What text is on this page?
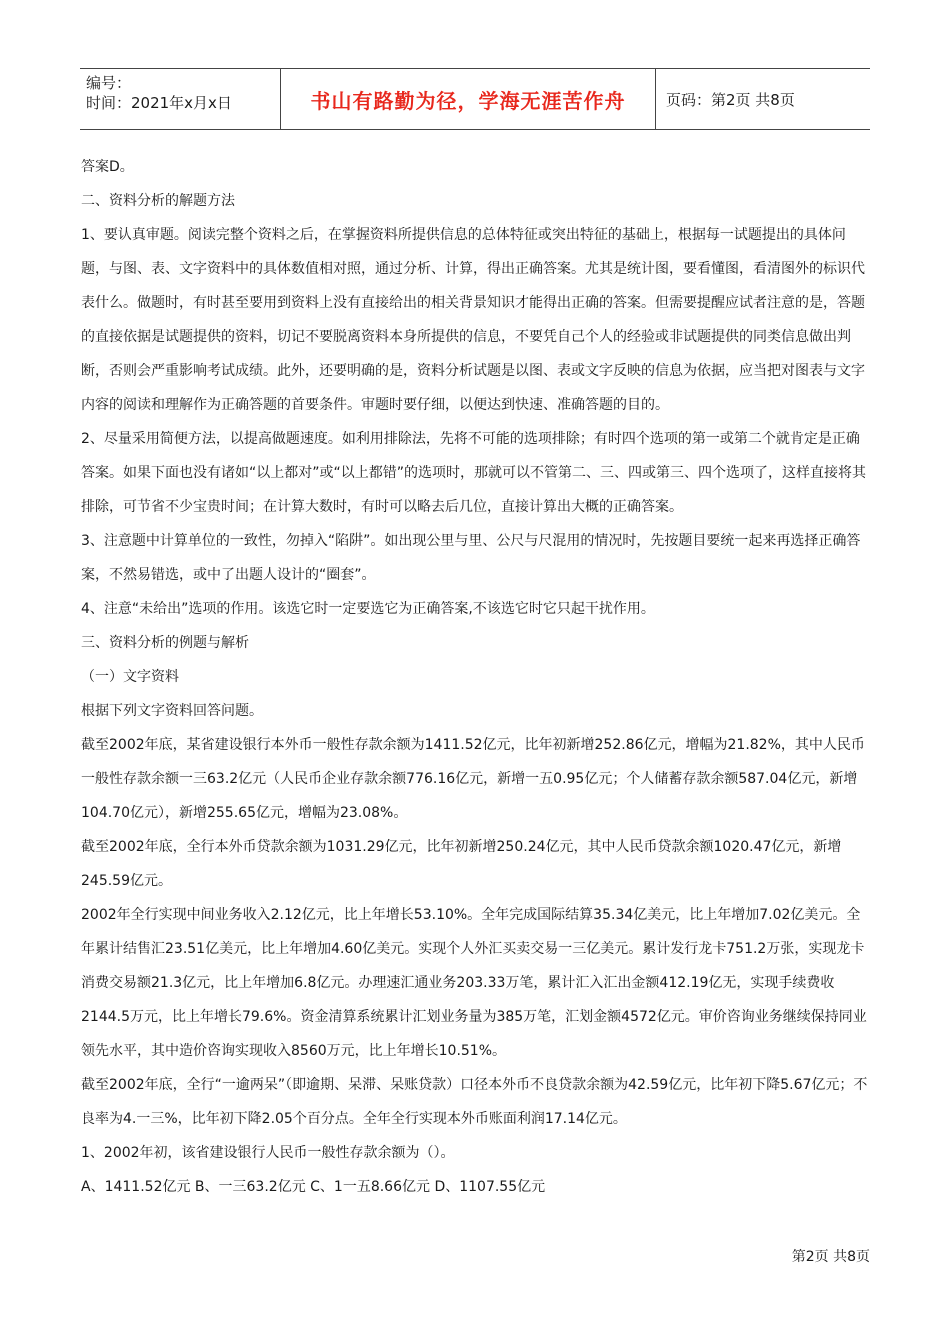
编号：
时间：2021年x月x日	书山有路勤为径，学海无涯苦作舟	页码：第2页 共8页

答案D。

二、资料分析的解题方法

1、要认真审题。阅读完整个资料之后，在掌握资料所提供信息的总体特征或突出特征的基础上，根据每一试题提出的具体问题，与图、表、文字资料中的具体数值相对照，通过分析、计算，得出正确答案。尤其是统计图，要看懂图，看清图外的标识代表什么。做题时，有时甚至要用到资料上没有直接给出的相关背景知识才能得出正确的答案。但需要提醒应试者注意的是，答题的直接依据是试题提供的资料，切记不要脱离资料本身所提供的信息，不要凭自己个人的经验或非试题提供的同类信息做出判断，否则会严重影响考试成绩。此外，还要明确的是，资料分析试题是以图、表或文字反映的信息为依据，应当把对图表与文字内容的阅读和理解作为正确答题的首要条件。审题时要仔细，以便达到快速、准确答题的目的。

2、尽量采用简便方法，以提高做题速度。如利用排除法，先将不可能的选项排除；有时四个选项的第一或第二个就肯定是正确答案。如果下面也没有诸如“以上都对”或“以上都错”的选项时，那就可以不管第二、三、四或第三、四个选项了，这样直接将其排除，可节省不少宝贵时间；在计算大数时，有时可以略去后几位，直接计算出大概的正确答案。

3、注意题中计算单位的一致性，勿掉入“陷阱”。如出现公里与里、公尺与尺混用的情况时，先按题目要统一起来再选择正确答案，不然易错选，或中了出题人设计的“圈套”。

4、注意“未给出”选项的作用。该选它时一定要选它为正确答案,不该选它时它只起干扰作用。

三、资料分析的例题与解析

（一）文字资料

根据下列文字资料回答问题。

截至2002年底，某省建设银行本外币一般性存款余额为1411.52亿元，比年初新增252.86亿元，增幅为21.82%，其中人民币一般性存款余额一三63.2亿元（人民币企业存款余额776.16亿元，新增一五0.95亿元；个人储蓄存款余额587.04亿元，新增104.70亿元），新增255.65亿元，增幅为23.08%。

截至2002年底，全行本外币贷款余额为1031.29亿元，比年初新增250.24亿元，其中人民币贷款余额1020.47亿元，新增245.59亿元。

2002年全行实现中间业务收入2.12亿元，比上年增长53.10%。全年完成国际结算35.34亿美元，比上年增加7.02亿美元。全年累计结售汇23.51亿美元，比上年增加4.60亿美元。实现个人外汇买卖交易一三亿美元。累计发行龙卡751.2万张，实现龙卡消费交易额21.3亿元，比上年增加6.8亿元。办理速汇通业务203.33万笔，累计汇入汇出金额412.19亿无，实现手续费收2144.5万元，比上年增长79.6%。资金清算系统累计汇划业务量为385万笔，汇划金额4572亿元。审价咨询业务继续保持同业领先水平，其中造价咨询实现收入8560万元，比上年增长10.51%。

截至2002年底，全行“一逾两呆”（即逾期、呆滞、呆账贷款）口径本外币不良贷款余额为42.59亿元，比年初下降5.67亿元；不良率为4.一三%，比年初下降2.05个百分点。全年全行实现本外币账面利润17.14亿元。

1、2002年初，该省建设银行人民币一般性存款余额为（）。

A、1411.52亿元 B、一三63.2亿元 C、1一五8.66亿元 D、1107.55亿元

第2页 共8页
